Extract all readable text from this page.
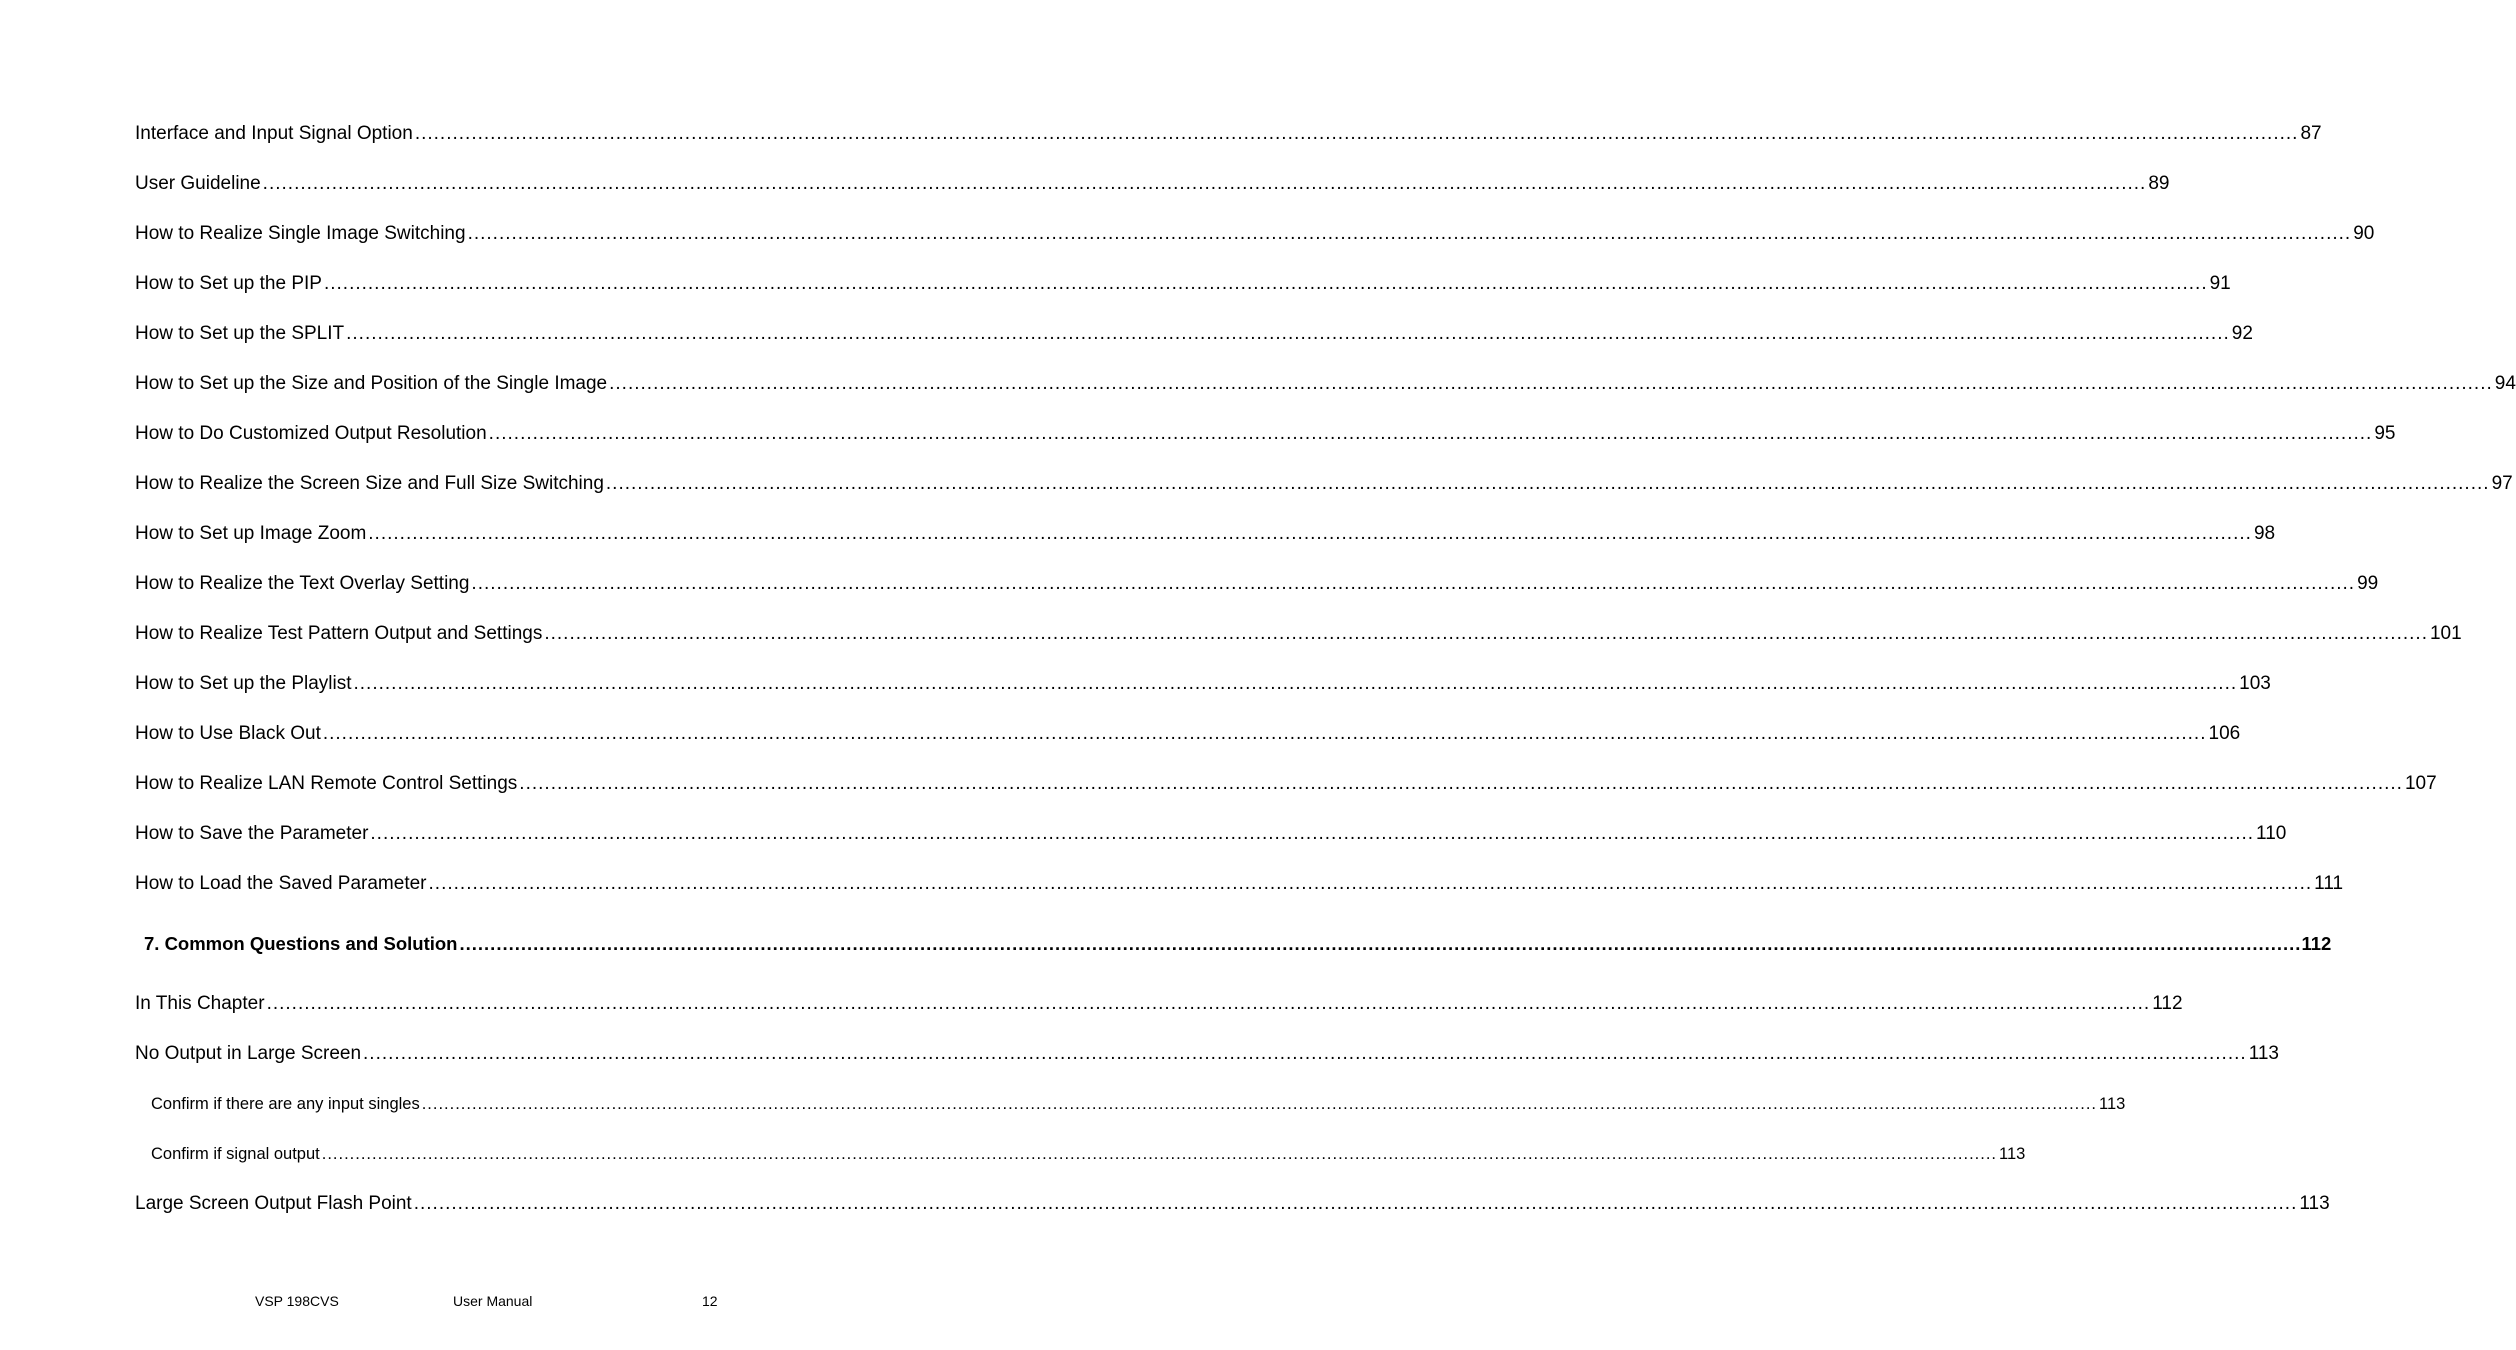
Interface and Input Signal Option ............................................................................................................................................................................................................................................................................................................ 87
User Guideline ............................................................................................................................................................................................................................................................................................................ 89
How to Realize Single Image Switching ............................................................................................................................................................................................................................................................................................................ 90
How to Set up the PIP ............................................................................................................................................................................................................................................................................................................ 91
How to Set up the SPLIT ............................................................................................................................................................................................................................................................................................................ 92
How to Set up the Size and Position of the Single Image ............................................................................................................................................................................................................................................................................................................ 94
How to Do Customized Output Resolution ............................................................................................................................................................................................................................................................................................................ 95
How to Realize the Screen Size and Full Size Switching ............................................................................................................................................................................................................................................................................................................ 97
How to Set up Image Zoom ............................................................................................................................................................................................................................................................................................................ 98
How to Realize the Text Overlay Setting ............................................................................................................................................................................................................................................................................................................ 99
How to Realize Test Pattern Output and Settings ............................................................................................................................................................................................................................................................................................................ 101
How to Set up the Playlist ............................................................................................................................................................................................................................................................................................................ 103
How to Use Black Out ............................................................................................................................................................................................................................................................................................................ 106
How to Realize LAN Remote Control Settings ............................................................................................................................................................................................................................................................................................................ 107
How to Save the Parameter ............................................................................................................................................................................................................................................................................................................ 110
How to Load the Saved Parameter ............................................................................................................................................................................................................................................................................................................ 111
7. Common Questions and Solution ............................................................................................................................................................................................................................................................................................................ 112
In This Chapter ............................................................................................................................................................................................................................................................................................................ 112
No Output in Large Screen ............................................................................................................................................................................................................................................................................................................ 113
Confirm if there are any input singles ............................................................................................................................................................................................................................................................................................................ 113
Confirm if signal output ............................................................................................................................................................................................................................................................................................................ 113
Large Screen Output Flash Point ............................................................................................................................................................................................................................................................................................................ 113
VSP 198CVS	User Manual	12
